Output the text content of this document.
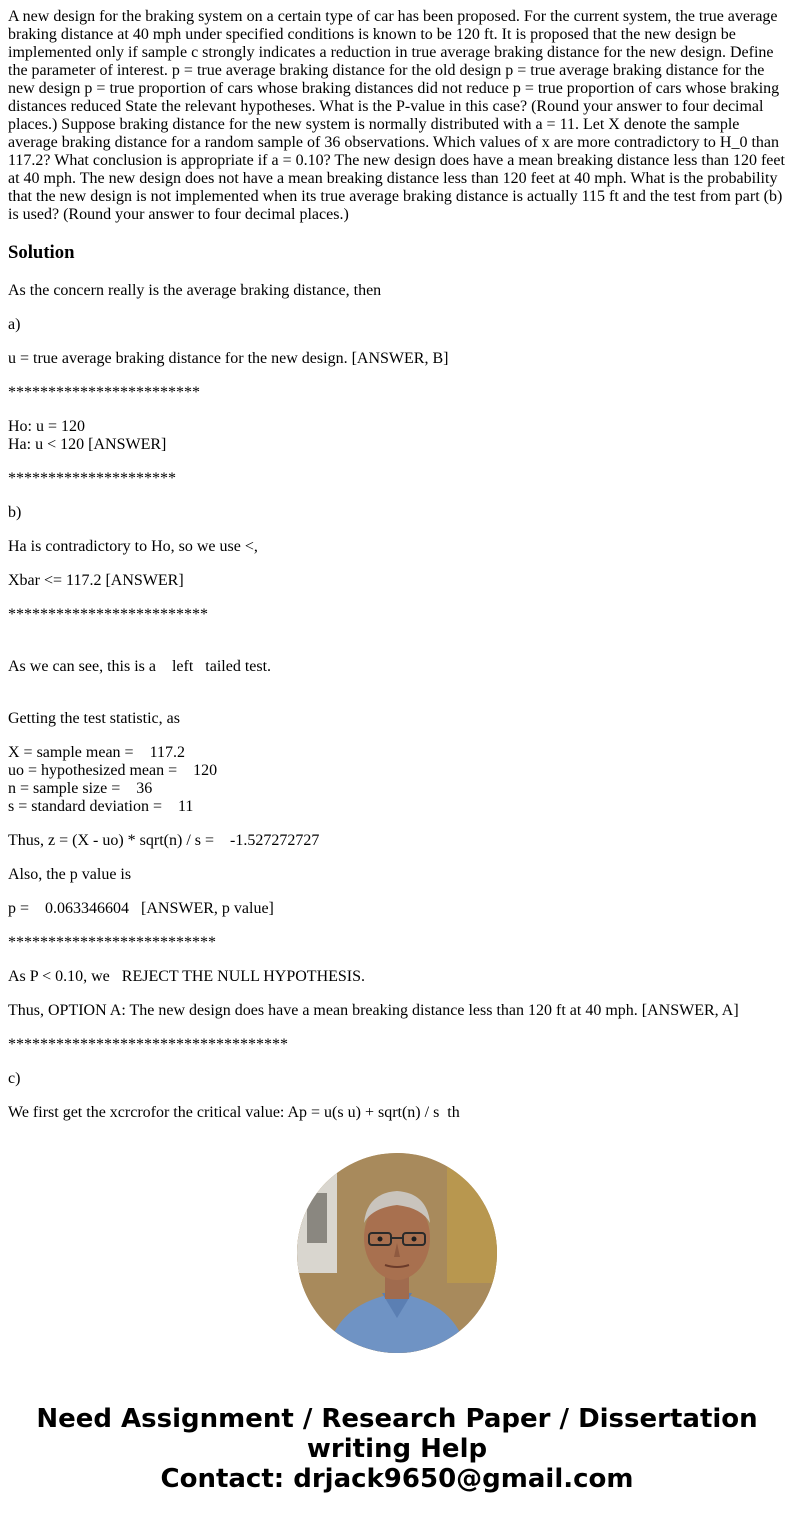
A new design for the braking system on a certain type of car has been proposed. For the current system, the true average braking distance at 40 mph under specified conditions is known to be 120 ft. It is proposed that the new design be implemented only if sample c strongly indicates a reduction in true average braking distance for the new design. Define the parameter of interest. p = true average braking distance for the old design p = true average braking distance for the new design p = true proportion of cars whose braking distances did not reduce p = true proportion of cars whose braking distances reduced State the relevant hypotheses. What is the P-value in this case? (Round your answer to four decimal places.) Suppose braking distance for the new system is normally distributed with a = 11. Let X denote the sample average braking distance for a random sample of 36 observations. Which values of x are more contradictory to H_0 than 117.2? What conclusion is appropriate if a = 0.10? The new design does have a mean breaking distance less than 120 feet at 40 mph. The new design does not have a mean breaking distance less than 120 feet at 40 mph. What is the probability that the new design is not implemented when its true average braking distance is actually 115 ft and the test from part (b) is used? (Round your answer to four decimal places.)
Solution

As the concern really is the average braking distance, then

a)

u = true average braking distance for the new design. [ANSWER, B]

************************

Ho: u = 120
Ha: u < 120 [ANSWER]

*********************

b)

Ha is contradictory to Ho, so we use <,

Xbar <= 117.2 [ANSWER]

*************************

As we can see, this is a    left   tailed test.

Getting the test statistic, as

X = sample mean =    117.2
uo = hypothesized mean =    120
n = sample size =    36
s = standard deviation =    11

Thus, z = (X - uo) * sqrt(n) / s =    -1.527272727

Also, the p value is

p =    0.063346604   [ANSWER, p value]

**************************

As P < 0.10, we   REJECT THE NULL HYPOTHESIS.

Thus, OPTION A: The new design does have a mean breaking distance less than 120 ft at 40 mph. [ANSWER, A]

***********************************

c)

We first get the xcrcrofor the critical value: Ap = u(s u) + sqrt(n) / s  th

Need Assignment / Research Paper / Dissertation
writing Help
Contact: drjack9650@gmail.com
